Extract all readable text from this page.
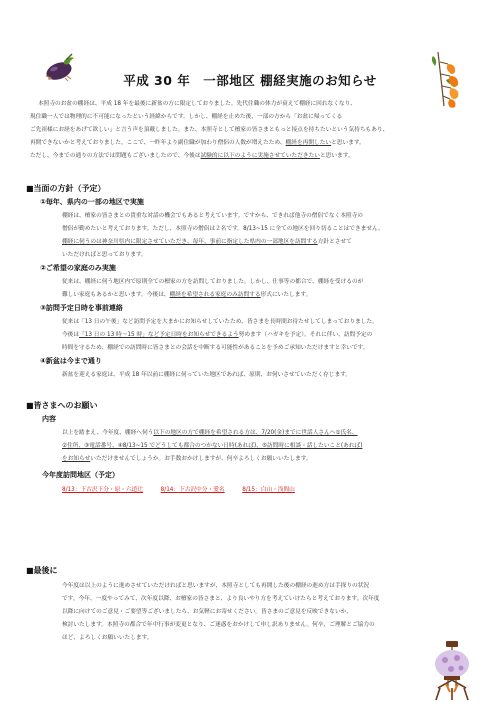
平成 30 年　一部地区 棚経実施のお知らせ
本照寺のお盆の棚経は、平成 18 年を最後に新盆の方に限定しておりました。先代住職の体力が衰えて棚経に回れなくなり、
現住職一人では物理的に不可能になったという経緯からです。しかし、棚経を止めた後、一部の方から「お盆に帰ってくる
ご先祖様にお経をあげて欲しい」と言う声を頂戴しました。また、本照寺として檀家の皆さまともっと接点を持ちたいという気持ちもあり、
再開できないかと考えておりました。ここで、一昨年より副住職が加わり僧侶の人数が増えたため、棚経を再開したいと思います。
ただし、今までの通りの方法では問題もございましたので、今後は試験的に以下のように実施させていただきたいと思います。
■当面の方針（予定）
①毎年、県内の一部の地区で実施
棚経は、檀家の皆さまとの貴重な対話の機会でもあると考えています。ですから、できれば他寺の僧侶でなく本照寺の
僧侶が勤めたいと考えております。ただし、本照寺の僧侶は２名です。8/13~15 に全ての地区を回り切ることはできません。
棚経に伺うのは神奈川県内に限定させていただき、毎年、事前に指定した県内の一部地区を訪問する方針とさせて
いただければと思っております。
②ご希望の家庭のみ実施
従来は、棚経に伺う地区内で原則全ての檀家の方を訪問しておりました。しかし、仕事等の都合で、棚経を受けるのが
難しい家庭もあるかと思います。今後は、棚経を希望される家庭のみ訪問する形式にいたします。
③訪問予定日時を事前連絡
従来は「13 日の午後」など訪問予定を大まかにお知らせしていたため、皆さまを長時間お待たせしてしまっておりました。
今後は「13 日の 13 時〜15 時」など予定日時をお知らせできるよう努めます（ハガキを予定）。それに伴い、訪問予定の
時間を守るため、棚経での訪問時に皆さまとの会話を中断する可能性があることを予めご承知いただけますと幸いです。
④新盆は今まで通り
新盆を迎える家庭は、平成 18 年以前に棚経に伺っていた地区であれば、原則、お伺いさせていただく存じます。
■皆さまへのお願い
内容
以上を踏まえ、今年度、棚経へ伺う以下の地区の方で棚経を希望される方は、7/20(金)までに世話人さんへ①氏名、
②住所、③電話番号、④8/13~15 でどうしても都合のつかない日時(あれば)、⑤訪問時に相談・話したいこと(あれば)
をお知らせいただけませんでしょうか。お手数おかけしますが、何卒よろしくお願いいたします。
今年度訪問地区（予定）
8/13：下古沢下分・原・六道辻	8/14：下古沢中分・愛名	8/15：白山・浅間山
■最後に
今年度は以上のように進めさせていただければと思いますが、本照寺としても再開した後の棚経の進め方は手探りの状況
です。今年、一度やってみて、次年度以降、お檀家の皆さまと、より良いやり方を考えていけたらと考えております。次年度
以降に向けてのご意見・ご要望等ございましたら、お気軽にお寄せください。皆さまのご意見を反映できないか、
検討いたします。本照寺の都合で年中行事が変更となり、ご迷惑をおかけして申し訳ありません。何卒、ご理解とご協力の
ほど、よろしくお願いいたします。
